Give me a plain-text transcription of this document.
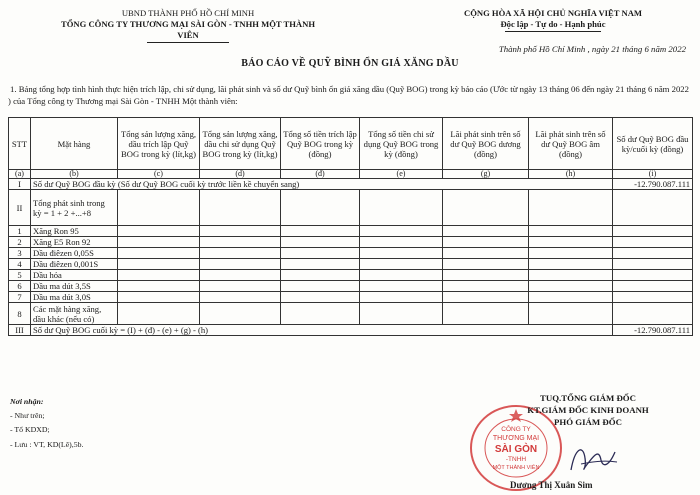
UBND THÀNH PHỐ HỒ CHÍ MINH
TỔNG CÔNG TY THƯƠNG MẠI SÀI GÒN - TNHH MỘT THÀNH VIÊN
CỘNG HÒA XÃ HỘI CHỦ NGHĨA VIỆT NAM
Độc lập - Tự do - Hạnh phúc
Thành phố Hồ Chí Minh , ngày 21 tháng 6 năm 2022
BÁO CÁO VỀ QUỸ BÌNH ỔN GIÁ XĂNG DẦU
1. Bảng tổng hợp tình hình thực hiện trích lập, chi sử dụng, lãi phát sinh và số dư Quỹ bình ổn giá xăng dầu (Quỹ BOG) trong kỳ báo cáo (Ước từ ngày 13 tháng 06 đến ngày 21 tháng 6 năm 2022 ) của Tổng công ty Thương mại Sài Gòn - TNHH Một thành viên:
STT	Mặt hàng	Tổng sản lượng xăng, dầu trích lập Quỹ BOG trong kỳ (lít,kg)	Tổng sản lượng xăng, dầu chi sử dụng Quỹ BOG trong kỳ (lít,kg)	Tổng số tiền trích lập Quỹ BOG trong kỳ (đồng)	Tổng số tiền chi sử dụng Quỹ BOG trong kỳ (đồng)	Lãi phát sinh trên số dư Quỹ BOG dương (đồng)	Lãi phát sinh trên số dư Quỹ BOG âm (đồng)	Số dư Quỹ BOG đầu kỳ/cuối kỳ (đồng)
(a)	(b)	(c)	(d)	(đ)	(e)	(g)	(h)	(i)
I	Số dư Quỹ BOG đầu kỳ (Số dư Quỹ BOG cuối kỳ trước liền kề chuyển sang)							-12.790.087.111
II	Tổng phát sinh trong kỳ = 1 + 2 +...+8							
1	Xăng Ron 95							
2	Xăng E5 Ron 92							
3	Dầu điêzen 0,05S							
4	Dầu điêzen 0,001S							
5	Dầu hỏa							
6	Dầu ma dút 3,5S							
7	Dầu ma dút 3,0S							
8	Các mặt hàng xăng, dầu khác (nếu có)							
III	Số dư Quỹ BOG cuối kỳ = (I) + (đ) - (e) + (g) - (h)							-12.790.087.111
Nơi nhận:
- Như trên;
- Tổ KDXD;
- Lưu : VT, KD(Lê),5b.
CÔNG TY
THƯƠNG MẠI
SÀI GÒN
-TNHH
MỘT THÀNH VIÊN
TUQ.TỔNG GIÁM ĐỐC
KT.GIÁM ĐỐC KINH DOANH
PHÓ GIÁM ĐỐC
Dương Thị Xuân Sim
